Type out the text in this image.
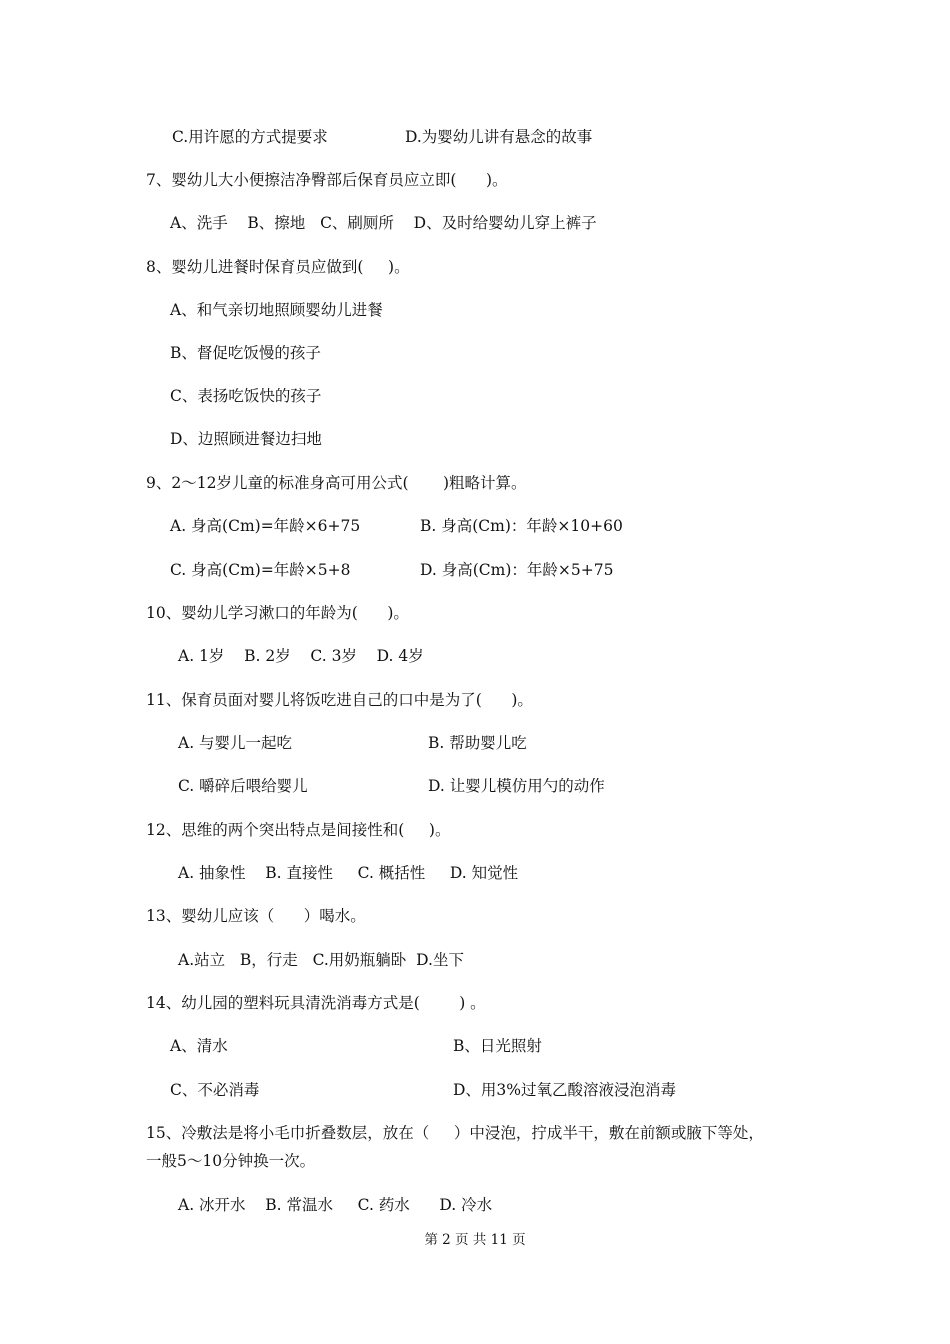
C.用许愿的方式提要求	D.为婴幼儿讲有悬念的故事

7、婴幼儿大小便擦洁净臀部后保育员应立即(      )。

A、洗手    B、擦地   C、刷厕所    D、及时给婴幼儿穿上裤子

8、婴幼儿进餐时保育员应做到(     )。

A、和气亲切地照顾婴幼儿进餐

B、督促吃饭慢的孩子

C、表扬吃饭快的孩子

D、边照顾进餐边扫地

9、2～12岁儿童的标准身高可用公式(       )粗略计算。

A. 身高(Cm)=年龄×6+75	B. 身高(Cm)：年龄×10+60

C. 身高(Cm)=年龄×5+8	D. 身高(Cm)：年龄×5+75

10、婴幼儿学习漱口的年龄为(      )。

A. 1岁    B. 2岁    C. 3岁    D. 4岁

11、保育员面对婴儿将饭吃进自己的口中是为了(      )。

A. 与婴儿一起吃	B. 帮助婴儿吃

C. 嚼碎后喂给婴儿	D. 让婴儿模仿用勺的动作

12、思维的两个突出特点是间接性和(     )。

A. 抽象性    B. 直接性     C. 概括性     D. 知觉性

13、婴幼儿应该（      ）喝水。

A.站立   B，行走   C.用奶瓶躺卧  D.坐下

14、幼儿园的塑料玩具清洗消毒方式是(        ) 。

A、清水	B、日光照射

C、不必消毒	D、用3%过氧乙酸溶液浸泡消毒

15、冷敷法是将小毛巾折叠数层，放在（     ）中浸泡，拧成半干，敷在前额或腋下等处，

一般5～10分钟换一次。

A. 冰开水    B. 常温水     C. 药水      D. 冷水

第 2 页 共 11 页
